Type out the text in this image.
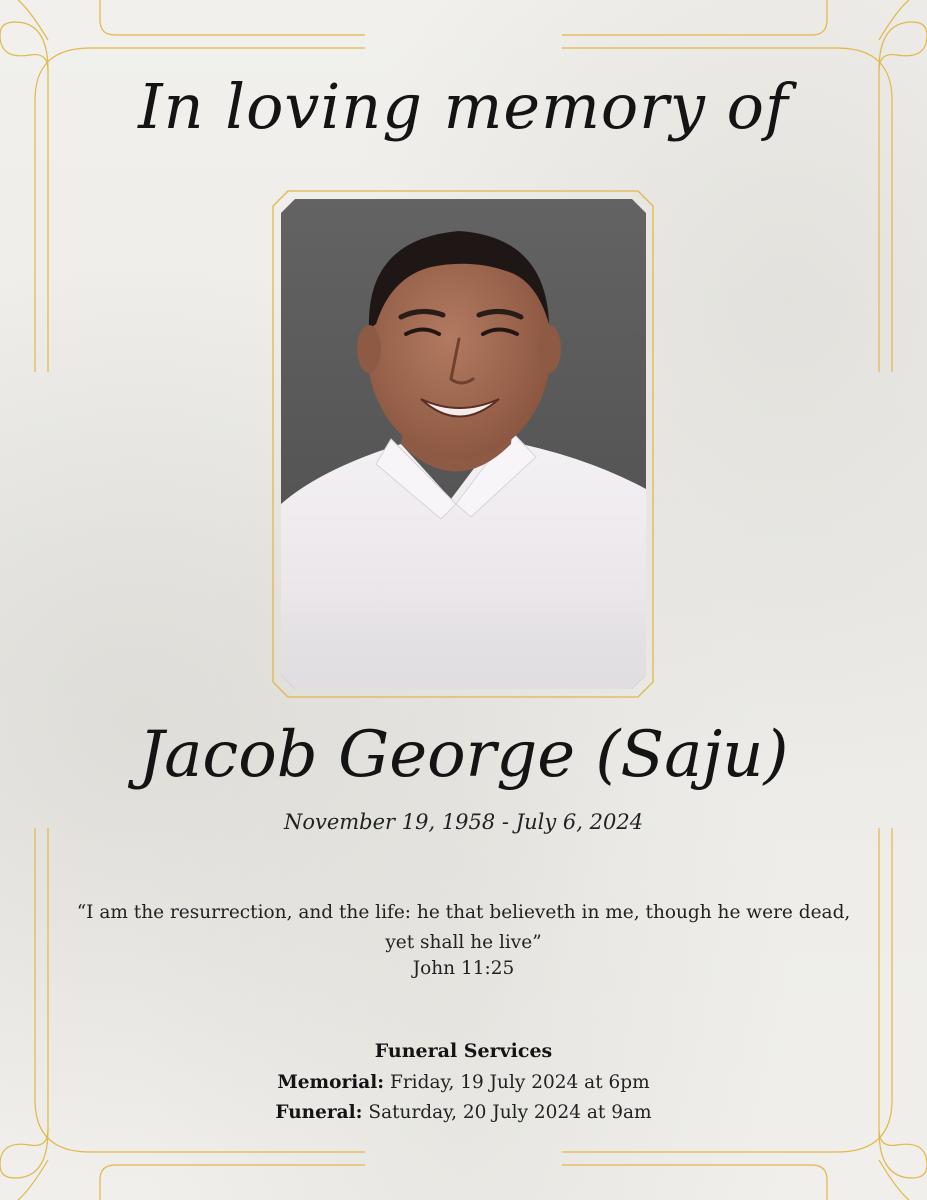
In loving memory of
Jacob George (Saju)
November 19, 1958 - July 6, 2024
“I am the resurrection, and the life: he that believeth in me, though he were dead, yet shall he live”
John 11:25
Funeral Services
Memorial: Friday, 19 July 2024 at 6pm
Funeral: Saturday, 20 July 2024 at 9am
